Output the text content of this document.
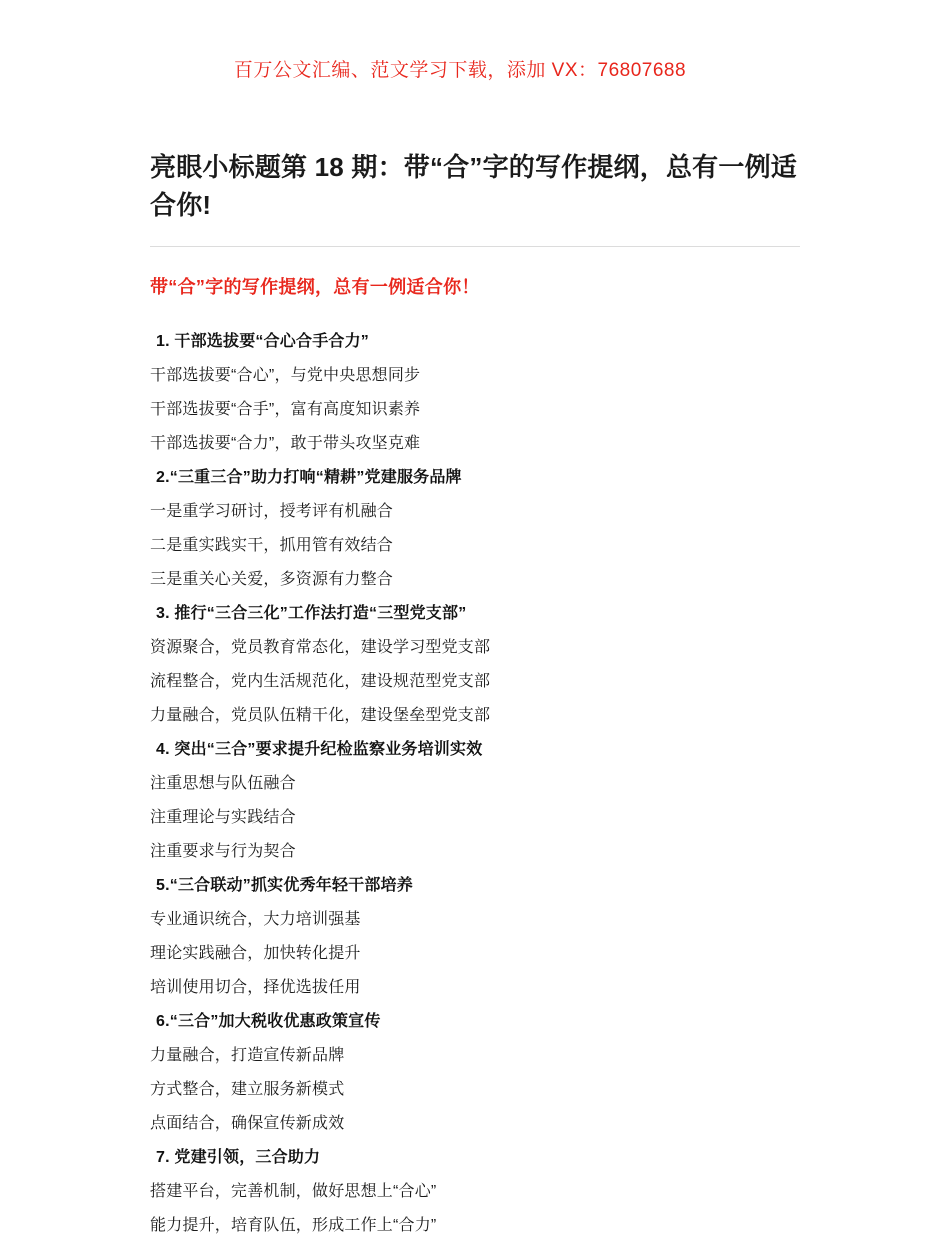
百万公文汇编、范文学习下载，添加 VX：76807688
亮眼小标题第 18 期：带“合”字的写作提纲，总有一例适合你!
带“合”字的写作提纲，总有一例适合你！
1. 干部选拔要“合心合手合力”
干部选拔要“合心”，与党中央思想同步
干部选拔要“合手”，富有高度知识素养
干部选拔要“合力”，敢于带头攻坚克难
2.“三重三合”助力打响“精耕”党建服务品牌
一是重学习研讨，授考评有机融合
二是重实践实干，抓用管有效结合
三是重关心关爱，多资源有力整合
3. 推行“三合三化”工作法打造“三型党支部”
资源聚合，党员教育常态化，建设学习型党支部
流程整合，党内生活规范化，建设规范型党支部
力量融合，党员队伍精干化，建设堡垒型党支部
4. 突出“三合”要求提升纪检监察业务培训实效
注重思想与队伍融合
注重理论与实践结合
注重要求与行为契合
5.“三合联动”抓实优秀年轻干部培养
专业通识统合，大力培训强基
理论实践融合，加快转化提升
培训使用切合，择优选拔任用
6.“三合”加大税收优惠政策宣传
力量融合，打造宣传新品牌
方式整合，建立服务新模式
点面结合，确保宣传新成效
7. 党建引领，三合助力
搭建平台，完善机制，做好思想上“合心”
能力提升，培育队伍，形成工作上“合力”
